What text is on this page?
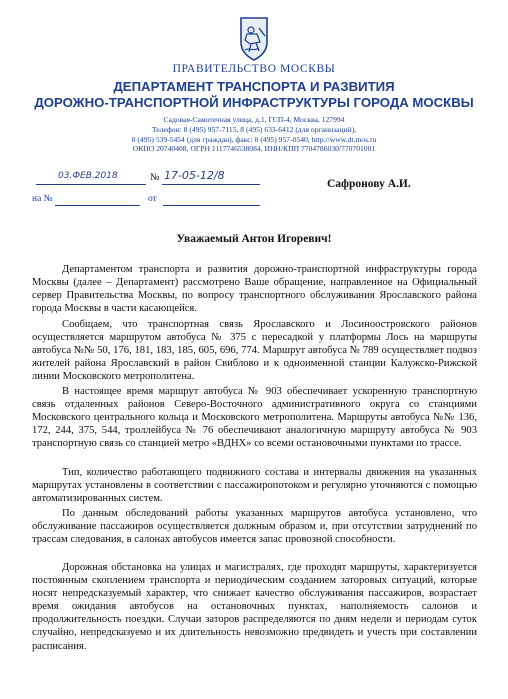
ПРАВИТЕЛЬСТВО МОСКВЫ
ДЕПАРТАМЕНТ ТРАНСПОРТА И РАЗВИТИЯ
ДОРОЖНО-ТРАНСПОРТНОЙ ИНФРАСТРУКТУРЫ ГОРОДА МОСКВЫ
Садовая-Самотечная улица, д.1, ГСП-4, Москва, 127994
Телефон: 8 (495) 957-7115, 8 (495) 633-6412 (для организаций),
8 (495) 539-5454 (для граждан), факс: 8 (495) 957-0540, http://www.dt.mos.ru
ОКПО 20740408, ОГРН 1117746538084, ИНН/КПП 7704786030/770701001
03.ФЕВ.2018	№ 17-05-12/8
на №	от
Сафронову А.И.
Уважаемый Антон Игоревич!

Департаментом транспорта и развития дорожно-транспортной инфраструктуры города Москвы (далее – Департамент) рассмотрено Ваше обращение, направленное на Официальный сервер Правительства Москвы, по вопросу транспортного обслуживания Ярославского района города Москвы в части касающейся.

Сообщаем, что транспортная связь Ярославского и Лосиноостровского районов осуществляется маршрутом автобуса № 375 с пересадкой у платформы Лось на маршруты автобуса №№ 50, 176, 181, 183, 185, 605, 696, 774. Маршрут автобуса № 789 осуществляет подвоз жителей района Ярославский в район Свиблово и к одноименной станции Калужско-Рижской линии Московского метрополитена.

В настоящее время маршрут автобуса № 903 обеспечивает ускоренную транспортную связь отдаленных районов Северо-Восточного административного округа со станциями Московского центрального кольца и Московского метрополитена. Маршруты автобуса №№ 136, 172, 244, 375, 544, троллейбуса № 76 обеспечивают аналогичную маршруту автобуса № 903 транспортную связь со станцией метро «ВДНХ» со всеми остановочными пунктами по трассе.

Тип, количество работающего подвижного состава и интервалы движения на указанных маршрутах установлены в соответствии с пассажиропотоком и регулярно уточняются с помощью автоматизированных систем.

По данным обследований работы указанных маршрутов автобуса установлено, что обслуживание пассажиров осуществляется должным образом и, при отсутствии затруднений по трассам следования, в салонах автобусов имеется запас провозной способности.

Дорожная обстановка на улицах и магистралях, где проходят маршруты, характеризуется постоянным скоплением транспорта и периодическим созданием заторовых ситуаций, которые носят непредсказуемый характер, что снижает качество обслуживания пассажиров, возрастает время ожидания автобусов на остановочных пунктах, наполняемость салонов и продолжительность поездки. Случаи заторов распределяются по дням недели и периодам суток случайно, непредсказуемо и их длительность невозможно предвидеть и учесть при составлении расписания.
